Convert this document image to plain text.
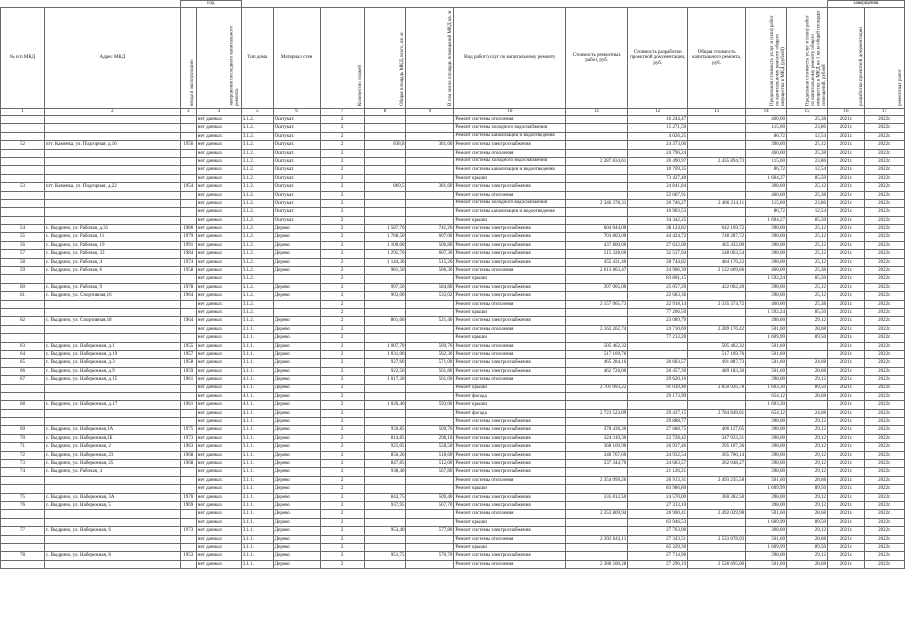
		Год													заверщения	
№ п/п МКД	Адрес МКД	ввода в эксплуатацию	завершения последнего капитального ремонта	Тип дома	Материал стен	Количество этажей	Общая площадь МКД, всего, кв. м	В том числе площадь помещений МКД кв. м	Вид работ/услуг по капитальному ремонту	Стоимость ремонтных работ, руб.	Стоимость разработки проектной документации, руб.	Общая стоимость капитального ремонта, руб.	Предельная стоимость услуг и (или) работ по капитальному ремонту общего имущества в МКД (рублей)	Предельная стоимость услуг и (или) работ по капитальному ремонту общего имущества в МКД на 1 кв.м общей площади помещений, рублей	разработки проектной документации	ремонтных работ
1	2	3	4	5	6	7	8	9	10	11	12	13	14	15	16	17
			нет данных	3.1.2.	Оштукат.	2			Ремонт системы отопления		16 244,47		460,00	25,38	2021г.	2022г.
			нет данных	3.1.2.	Оштукат.	2			Ремонт системы холодного водоснабжения		15 271,59		115,00	23,86	2021г.	2022г.
			нет данных	3.1.2.	Оштукат.	2			Ремонт системы канализации и водоотведения		4 026,25		86,72	12,54	2021г.	2022г.
52	пгт. Каменка, ул. Подгорная, д.16	1956	нет данных	3.1.2.	Оштукат.	2	838,8	381,60	Ремонт системы электроснабжения		24 373,06		398,00	25,12	2021г.	2022г.
			нет данных	3.1.2.	Оштукат.	2			Ремонт системы отопления		24 796,24		460,00	25,38	2021г.	2022г.
			нет данных	3.1.2.	Оштукат.	2			Ремонт системы холодного водоснабжения	2 287 834,61	20 490,97	2 435 894,73	115,00	23,86	2021г.	2022г.
			нет данных	3.1.2.	Оштукат.	2			Ремонт системы канализации и водоотведения		10 769,35		86,72	12,54	2021г.	2022г.
			нет данных	3.1.2.	Оштукат.	2			Ремонт крыши		73 427,40		1 604,27	85,50	2021г.	2022г.
53	пгт. Каменка, ул. Подгорная, д.22	1954	нет данных	3.1.2.	Оштукат.	2	869,5	381,60	Ремонт системы электроснабжения		24 841,84		398,00	25,12	2021г.	2022г.
			нет данных	3.1.2.	Оштукат.	2			Ремонт системы отопления		22 067,91		460,00	25,38	2021г.	2022г.
			нет данных	3.1.2.	Оштукат.	2			Ремонт системы холодного водоснабжения	2 346 378,31	20 746,27	2 466 214,11	115,00	23,86	2021г.	2022г.
			нет данных	3.1.2.	Оштукат.	2			Ремонт системы канализации и водоотведения		10 903,53		86,72	12,54	2021г.	2022г.
			нет данных	3.1.2.	Оштукат.	2			Ремонт крыши		34 342,25		1 604,27	85,50	2021г.	2022г.
54	с. Выдрино, ул. Рабочая, д.31	1986	нет данных	3.1.2.	Дерево	2	1 587,70	741,26	Ремонт системы электроснабжения	604 044,00	38 124,82	642 169,72	398,00	25,12	2021г.	2022г.
55	с. Выдрино, ул. Рабочая, 11	1979	нет данных	3.1.2.	Дерево	2	1 768,50	607,00	Ремонт системы электроснабжения	703 863,00	44 424,72	748 287,72	398,00	25,12	2021г.	2022г.
56	с. Выдрино, ул. Рабочая, 19	1991	нет данных	3.1.2.	Дерево	2	1 100,00	506,80	Ремонт системы электроснабжения	437 800,00	27 632,00	465 432,00	398,00	25,12	2021г.	2022г.
57	с. Выдрино, ул. Рабочая, 33	1984	нет данных	3.1.2.	Дерево	2	1 295,70	607,30	Ремонт системы электроснабжения	515 328,60	32 537,94	548 063,54	398,00	25,12	2021г.	2022г.
58	с. Выдрино, ул. Рабочая, 4	1974	нет данных	3.1.2.	Дерево	2	1 144,30	515,20	Ремонт системы электроснабжения	455 431,40	28 744,82	484 176,22	398,00	25,12	2021г.	2022г.
59	с. Выдрино, ул. Рабочая, 6	1958	нет данных	3.1.2.	Дерево	2	981,50	506,30	Ремонт системы отопления	2 013 863,47	24 906,39	2 122 609,66	460,00	25,38	2021г.	2022г.
			нет данных	3.1.2.		2			Ремонт крыши		83 801,15		1 592,24	85,50	2021г.	2022г.
60	с. Выдрино, ул. Рабочая, 9	1978	нет данных	3.1.2.	Дерево	2	997,50	584,80	Ремонт системы электроснабжения	397 005,00	25 057,20	422 062,20	398,00	25,12	2021г.	2022г.
61	с. Выдрино, ул. Спортивная,16	1964	нет данных	3.1.2.	Дерево	2	903,00	532,02	Ремонт системы электроснабжения		22 683,36		398,00	25,12	2021г.	2022г.
			нет данных	3.1.2.		2			Ремонт системы отопления	2 157 965,73	22 918,14	2 335 374,72	460,00	25,38	2021г.	2022г.
			нет данных	3.1.2.		2			Ремонт крыши		77 206,50		1 592,24	85,50	2021г.	2022г.
62	с. Выдрино, ул. Спортивная,18	1964	нет данных	3.1.2.	Дерево	2	861,60	521,40	Ремонт системы электроснабжения		23 089,79		398,00	29,12	2021г.	2022г.
			нет данных	3.1.1.	Дерево	2			Ремонт системы отопления	2 162 262,74	24 710,69	2 289 176,42	501,60	28,68	2021г.	2022г.
			нет данных	3.1.1.	Дерево	2			Ремонт крыши		77 213,20		1 609,99	89,50	2021г.	2022г.
63	с. Выдрино, ул. Набережная, д.1	1955	нет данных	3.1.1.	Дерево	2	1 007,70	569,70	Ремонт системы отопления	505 462,32		505 462,32	501,60		2021г.	2022г.
64	с. Выдрино, ул. Набережная, д.19	1957	нет данных	3.1.1.	Дерево	2	1 031,00	562,30	Ремонт системы отопления	517 169,76		517 169,76	501,60		2021г.	2022г.
65	с. Выдрино, ул. Набережная, д.3	1958	нет данных	3.1.1.	Дерево	2	927,60	571,00	Ремонт системы электроснабжения	465 284,16	26 603,57	491 887,73	501,60	24,68	2021г.	2022г.
66	с. Выдрино, ул. Набережная, д.9	1959	нет данных	3.1.1.	Дерево	2	922,50	561,80	Ремонт системы электроснабжения	462 726,00	26 457,30	489 183,30	501,60	28,68	2021г.	2022г.
67	с. Выдрино, ул. Набережная, д.15	1961	нет данных	4.1.1.	Дерево	2	1 017,20	561,00	Ремонт системы отопления		29 620,16		398,00	29,12	2021г.	2022г.
			нет данных	4.1.1.	Дерево	2			Ремонт крыши	2 701 093,22	91 039,40	2 850 926,78	1 603,30	89,50	2021г.	2022г.
			нет данных	4.1.1.	Дерево	2			Ремонт фасада		29 173,99		654,12	28,68	2021г.	2022г.
68	с. Выдрино, ул. Набережная, д.17	1961	нет данных	4.1.1.	Дерево	2	1 026,40	593,00	Ремонт крыши				1 603,30		2021г.	2022г.
			нет данных	4.1.1.	Дерево	2			Ремонт фасада	2 723 523,09	29 437,15	2 784 849,01	654,12	24,68	2021г.	2022г.
			нет данных	4.1.1.	Дерево	2			Ремонт системы электроснабжения		29 888,77		398,00	29,12	2021г.	2022г.
69	с. Выдрино, ул. Набережная,1А	1975	нет данных	3.1.1.	Дерево	2	950,85	569,70	Ремонт системы электроснабжения	378 438,30	27 688,75	406 127,05	398,00	29,12	2021г.	2022г.
70	с. Выдрино, ул. Набережная,1Б	1973	нет данных	3.1.1.	Дерево	2	814,85	298,10	Ремонт системы электроснабжения	324 310,30	23 728,42	347 933,31	398,00	29,12	2021г.	2022г.
71	с. Выдрино, ул. Набережная, 2	1963	нет данных	3.1.1.	Дерево	2	925,05	558,50	Ремонт системы электроснабжения	368 169,90	26 937,46	395 107,36	398,00	29,12	2021г.	2022г.
72	с. Выдрино, ул. Набережная, 23	1968	нет данных	3.1.1.	Дерево	2	856,20	518,60	Ремонт системы электроснабжения	340 767,60	24 932,54	365 700,14	398,00	29,12	2021г.	2022г.
73	с. Выдрино, ул. Набережная, 25	1968	нет данных	3.1.1.	Дерево	2	847,85	512,00	Ремонт системы электроснабжения	337 344,70	24 683,57	362 048,27	398,00	29,12	2021г.	2022г.
74	с. Выдрино, ул. Рабочая, 4		нет данных	3.1.1.	Дерево	2	938,40	567,80	Ремонт системы электроснабжения		21 126,21		398,00	29,12	2021г.	2022г.
			нет данных	3.1.1.	Дерево	2			Ремонт системы отопления	2 354 999,26	26 913,31	2 493 235,58	501,60	28,68	2021г.	2022г.
			нет данных	3.1.1.	Дерево	2			Ремонт крыши		83 986,80		1 609,99	89,50	2021г.	2022г.
75	с. Выдрино, ул. Набережная, 3А	1970	нет данных	3.1.1.	Дерево	2	843,75	509,40	Ремонт системы электроснабжения	335 812,50	24 570,00	360 382,50	398,00	29,12	2021г.	2022г.
76	с. Выдрино, ул. Набережная, 5	1969	нет данных	3.1.1.	Дерево	2	937,95	567,70	Ремонт системы электроснабжения		27 313,10		398,00	29,12	2021г.	2022г.
			нет данных	3.1.1.	Дерево	2			Ремонт системы отопления	2 353 869,94	26 900,41	2 492 029,98	501,60	28,68	2021г.	2022г.
			нет данных	3.1.1.	Дерево	2			Ремонт крыши		83 946,53		1 609,99	89,50	2021г.	2022г.
77	с. Выдрино, ул. Набережная, 6	1973	нет данных	3.1.1.	Дерево	2	953,40	577,80	Ремонт системы электроснабжения		27 763,00		398,00	29,12	2021г.	2022г.
			нет данных	3.1.1.	Дерево	2			Ремонт системы отопления	2 392 643,11	27 343,51	2 533 078,93	501,60	28,68	2021г.	2022г.
			нет данных	3.1.1.	Дерево	2			Ремонт крыши		85 329,30		1 609,99	89,50	2021г.	2022г.
78	с. Выдрино, ул. Набережная, 8	1953	нет данных	3.1.1.	Дерево	2	951,75	576,70	Ремонт системы электроснабжения		27 714,96		398,00	29,12	2021г.	2022г.
			нет данных	3.1.1.	Дерево	2			Ремонт системы отопления	2 388 500,28	27 296,19	2 528 695,06	501,60	28,68	2021г.	2022г.
